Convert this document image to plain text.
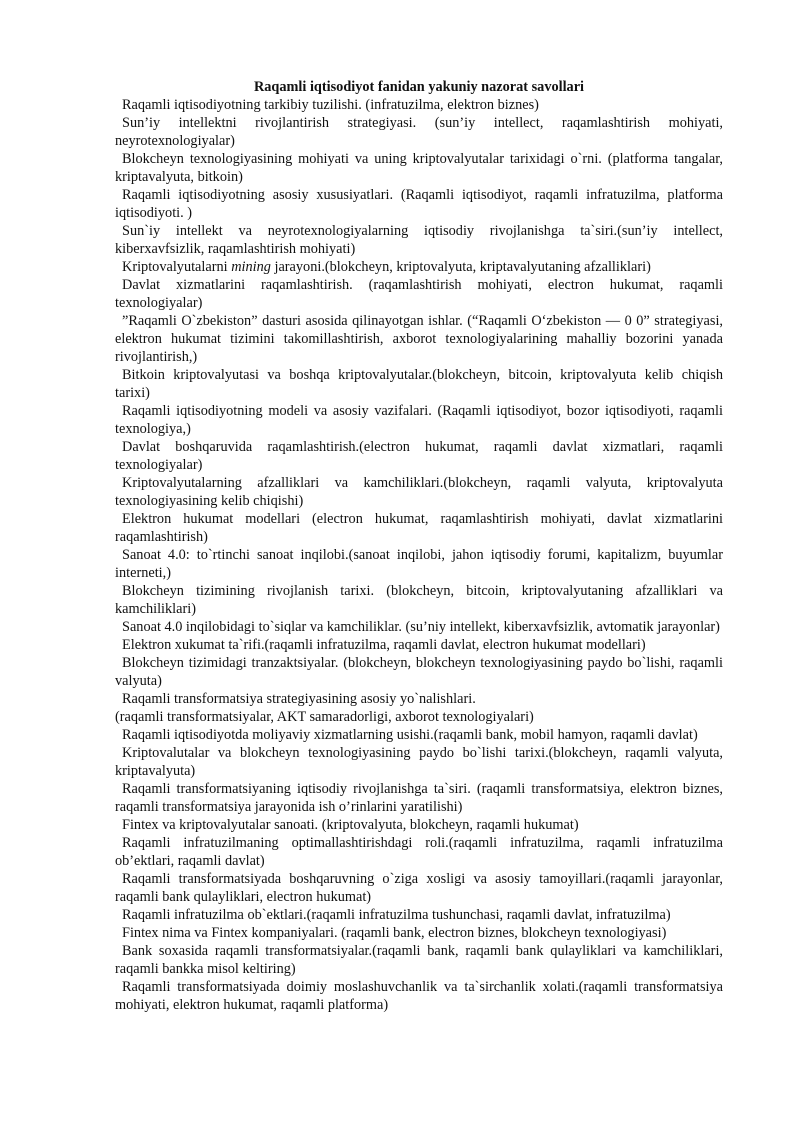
Raqamli iqtisodiyot fanidan yakuniy nazorat savollari

Raqamli iqtisodiyotning tarkibiy tuzilishi. (infratuzilma, elektron biznes)

Sun’iy intellektni rivojlantirish strategiyasi. (sun’iy intellect, raqamlashtirish mohiyati, neyrotexnologiyalar)

Blokcheyn texnologiyasining mohiyati va uning kriptovalyutalar tarixidagi o`rni. (platforma tangalar, kriptavalyuta, bitkoin)

Raqamli iqtisodiyotning asosiy xususiyatlari. (Raqamli iqtisodiyot, raqamli infratuzilma, platforma iqtisodiyoti. )

Sun`iy intellekt va neyrotexnologiyalarning iqtisodiy rivojlanishga ta`siri.(sun’iy intellect, kiberxavfsizlik, raqamlashtirish mohiyati)

Kriptovalyutalarni mining jarayoni.(blokcheyn, kriptovalyuta, kriptavalyutaning afzalliklari)

Davlat xizmatlarini raqamlashtirish. (raqamlashtirish mohiyati, electron hukumat, raqamli texnologiyalar)

”Raqamli O`zbekiston” dasturi asosida qilinayotgan ishlar. (“Raqamli O‘zbekiston — 0 0” strategiyasi, elektron hukumat tizimini takomillashtirish, axborot texnologiyalarining mahalliy bozorini yanada rivojlantirish,)

Bitkoin kriptovalyutasi va boshqa kriptovalyutalar.(blokcheyn, bitcoin, kriptovalyuta kelib chiqish tarixi)

Raqamli iqtisodiyotning modeli va asosiy vazifalari. (Raqamli iqtisodiyot, bozor iqtisodiyoti, raqamli texnologiya,)

Davlat boshqaruvida raqamlashtirish.(electron hukumat, raqamli davlat xizmatlari, raqamli texnologiyalar)

Kriptovalyutalarning afzalliklari va kamchiliklari.(blokcheyn, raqamli valyuta, kriptovalyuta texnologiyasining kelib chiqishi)

Elektron hukumat modellari (electron hukumat, raqamlashtirish mohiyati, davlat xizmatlarini raqamlashtirish)

Sanoat 4.0: to`rtinchi sanoat inqilobi.(sanoat inqilobi, jahon iqtisodiy forumi, kapitalizm, buyumlar interneti,)

Blokcheyn tizimining rivojlanish tarixi. (blokcheyn, bitcoin, kriptovalyutaning afzalliklari va kamchiliklari)

Sanoat 4.0 inqilobidagi to`siqlar va kamchiliklar. (su’niy intellekt, kiberxavfsizlik, avtomatik jarayonlar)

Elektron xukumat ta`rifi.(raqamli infratuzilma, raqamli davlat, electron hukumat modellari)

Blokcheyn tizimidagi tranzaktsiyalar. (blokcheyn, blokcheyn texnologiyasining paydo bo`lishi, raqamli valyuta)

Raqamli transformatsiya strategiyasining asosiy yo`nalishlari.

(raqamli transformatsiyalar, AKT samaradorligi, axborot texnologiyalari)

Raqamli iqtisodiyotda moliyaviy xizmatlarning usishi.(raqamli bank, mobil hamyon, raqamli davlat)

Kriptovalutalar va blokcheyn texnologiyasining paydo bo`lishi tarixi.(blokcheyn, raqamli valyuta, kriptavalyuta)

Raqamli transformatsiyaning iqtisodiy rivojlanishga ta`siri. (raqamli transformatsiya, elektron biznes, raqamli transformatsiya jarayonida ish o’rinlarini yaratilishi)

Fintex va kriptovalyutalar sanoati. (kriptovalyuta, blokcheyn, raqamli hukumat)

Raqamli infratuzilmaning optimallashtirishdagi roli.(raqamli infratuzilma, raqamli infratuzilma ob’ektlari, raqamli davlat)

Raqamli transformatsiyada boshqaruvning o`ziga xosligi va asosiy tamoyillari.(raqamli jarayonlar, raqamli bank qulayliklari, electron hukumat)

Raqamli infratuzilma ob`ektlari.(raqamli infratuzilma tushunchasi, raqamli davlat, infratuzilma)

Fintex nima va Fintex kompaniyalari. (raqamli bank, electron biznes, blokcheyn texnologiyasi)

Bank soxasida raqamli transformatsiyalar.(raqamli bank, raqamli bank qulayliklari va kamchiliklari, raqamli bankka misol keltiring)

Raqamli transformatsiyada doimiy moslashuvchanlik va ta`sirchanlik xolati.(raqamli transformatsiya mohiyati, elektron hukumat, raqamli platforma)
